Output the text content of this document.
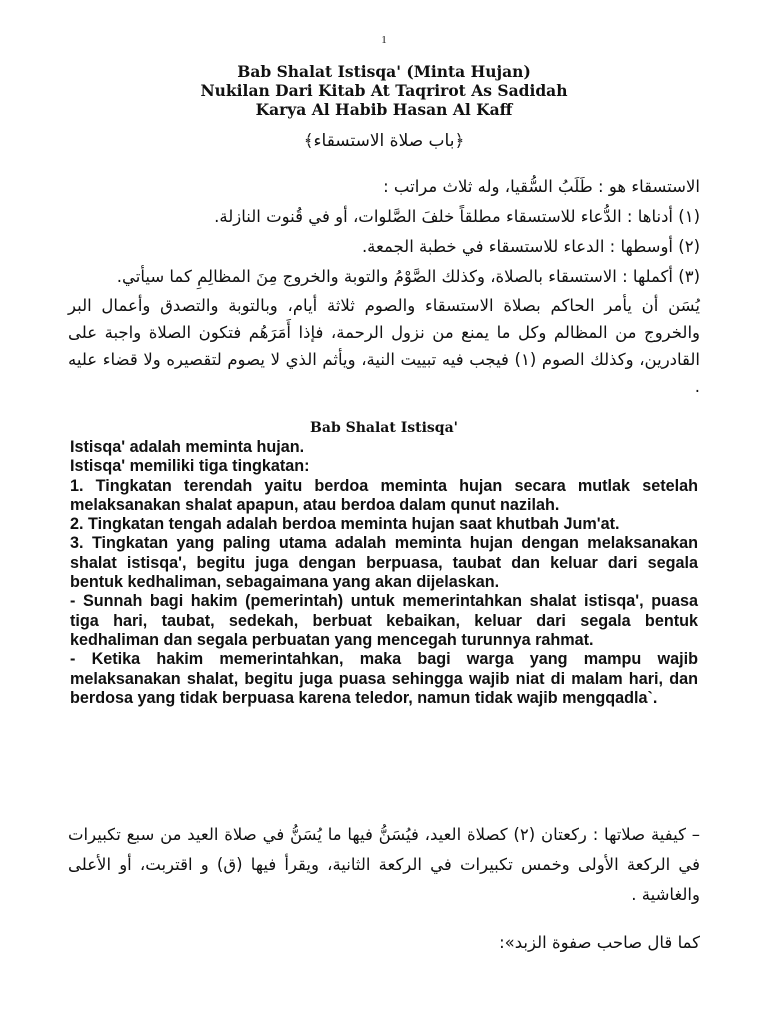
1
Bab Shalat Istisqa' (Minta Hujan)
Nukilan Dari Kitab At Taqrirot As Sadidah
Karya Al Habib Hasan Al Kaff
﴿باب صلاة الاستسقاء﴾

الاستسقاء هو : طَلَبُ السُّقيا، وله ثلاث مراتب :

(١) أدناها : الدُّعاء للاستسقاء مطلقاً خلفَ الصَّلوات، أو في قُنوت النازلة.

(٢) أوسطها : الدعاء للاستسقاء في خطبة الجمعة.

(٣) أكملها : الاستسقاء بالصلاة، وكذلك الصَّوْمُ والتوبة والخروج مِنَ المظالِمِ كما سيأتي.

يُسَن أن يأمر الحاكم بصلاة الاستسقاء والصوم ثلاثة أيام، وبالتوبة والتصدق وأعمال البر والخروج من المظالم وكل ما يمنع من نزول الرحمة، فإذا أَمَرَهُم فتكون الصلاة واجبة على القادرين، وكذلك الصوم (١) فيجب فيه تبييت النية، ويأثم الذي لا يصوم لتقصيره ولا قضاء عليه .

Bab Shalat Istisqa'

Istisqa' adalah meminta hujan.

Istisqa' memiliki tiga tingkatan:

1. Tingkatan terendah yaitu berdoa meminta hujan secara mutlak setelah melaksanakan shalat apapun, atau berdoa dalam qunut nazilah.

2. Tingkatan tengah adalah berdoa meminta hujan saat khutbah Jum'at.

3. Tingkatan yang paling utama adalah meminta hujan dengan melaksanakan shalat istisqa', begitu juga dengan berpuasa, taubat dan keluar dari segala bentuk kedhaliman, sebagaimana yang akan dijelaskan.

- Sunnah bagi hakim (pemerintah) untuk memerintahkan shalat istisqa', puasa tiga hari, taubat, sedekah, berbuat kebaikan, keluar dari segala bentuk kedhaliman dan segala perbuatan yang mencegah turunnya rahmat.

- Ketika hakim memerintahkan, maka bagi warga yang mampu wajib melaksanakan shalat, begitu juga puasa sehingga wajib niat di malam hari, dan berdosa yang tidak berpuasa karena teledor, namun tidak wajib mengqadla`.

– كيفية صلاتها : ركعتان (٢) كصلاة العيد، فيُسَنُّ فيها ما يُسَنُّ في صلاة العيد من سبع تكبيرات في الركعة الأولى وخمس تكبيرات في الركعة الثانية، ويقرأ فيها (ق) و اقتربت، أو الأعلى والغاشية .

كما قال صاحب صفوة الزبد»:
